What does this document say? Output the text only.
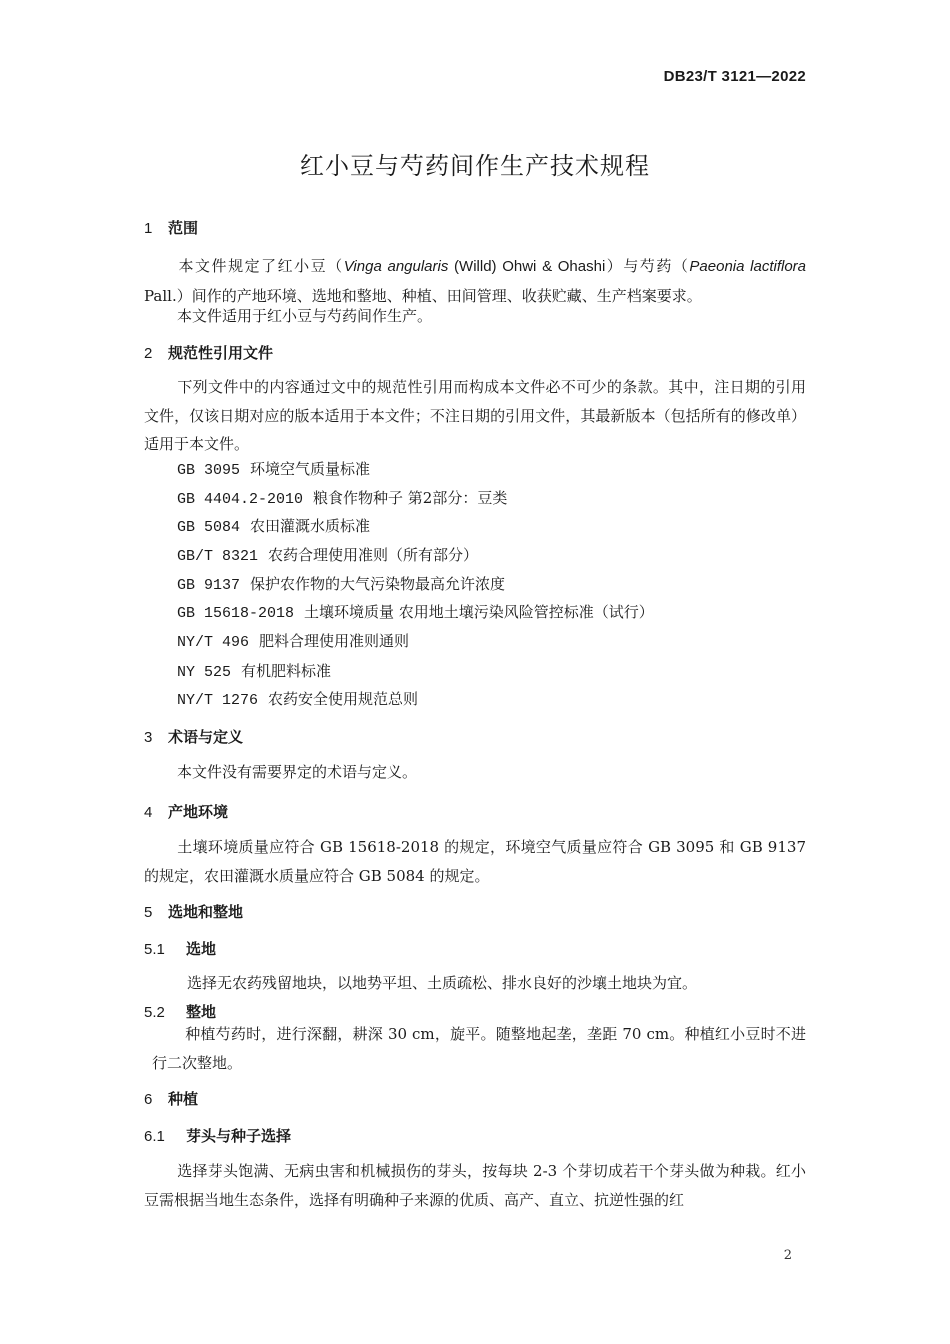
DB23/T 3121—2022
红小豆与芍药间作生产技术规程
1 范围
本文件规定了红小豆（Vinga angularis (Willd) Ohwi & Ohashi）与芍药（Paeonia lactiflora Pall.）间作的产地环境、选地和整地、种植、田间管理、收获贮藏、生产档案要求。
本文件适用于红小豆与芍药间作生产。
2 规范性引用文件
下列文件中的内容通过文中的规范性引用而构成本文件必不可少的条款。其中，注日期的引用文件，仅该日期对应的版本适用于本文件；不注日期的引用文件，其最新版本（包括所有的修改单）适用于本文件。
GB 3095 环境空气质量标准
GB 4404.2-2010 粮食作物种子 第2部分：豆类
GB 5084 农田灌溉水质标准
GB/T 8321 农药合理使用准则（所有部分）
GB 9137 保护农作物的大气污染物最高允许浓度
GB 15618-2018 土壤环境质量 农用地土壤污染风险管控标准（试行）
NY/T 496 肥料合理使用准则通则
NY 525 有机肥料标准
NY/T 1276 农药安全使用规范总则
3 术语与定义
本文件没有需要界定的术语与定义。
4 产地环境
土壤环境质量应符合 GB 15618-2018 的规定，环境空气质量应符合 GB 3095 和 GB 9137 的规定，农田灌溉水质量应符合 GB 5084 的规定。
5 选地和整地
5.1 选地
选择无农药残留地块，以地势平坦、土质疏松、排水良好的沙壤土地块为宜。
5.2 整地
种植芍药时，进行深翻，耕深 30 cm，旋平。随整地起垄，垄距 70 cm。种植红小豆时不进行二次整地。
6 种植
6.1 芽头与种子选择
选择芽头饱满、无病虫害和机械损伤的芽头，按每块 2-3 个芽切成若干个芽头做为种栽。红小豆需根据当地生态条件，选择有明确种子来源的优质、高产、直立、抗逆性强的红
2
